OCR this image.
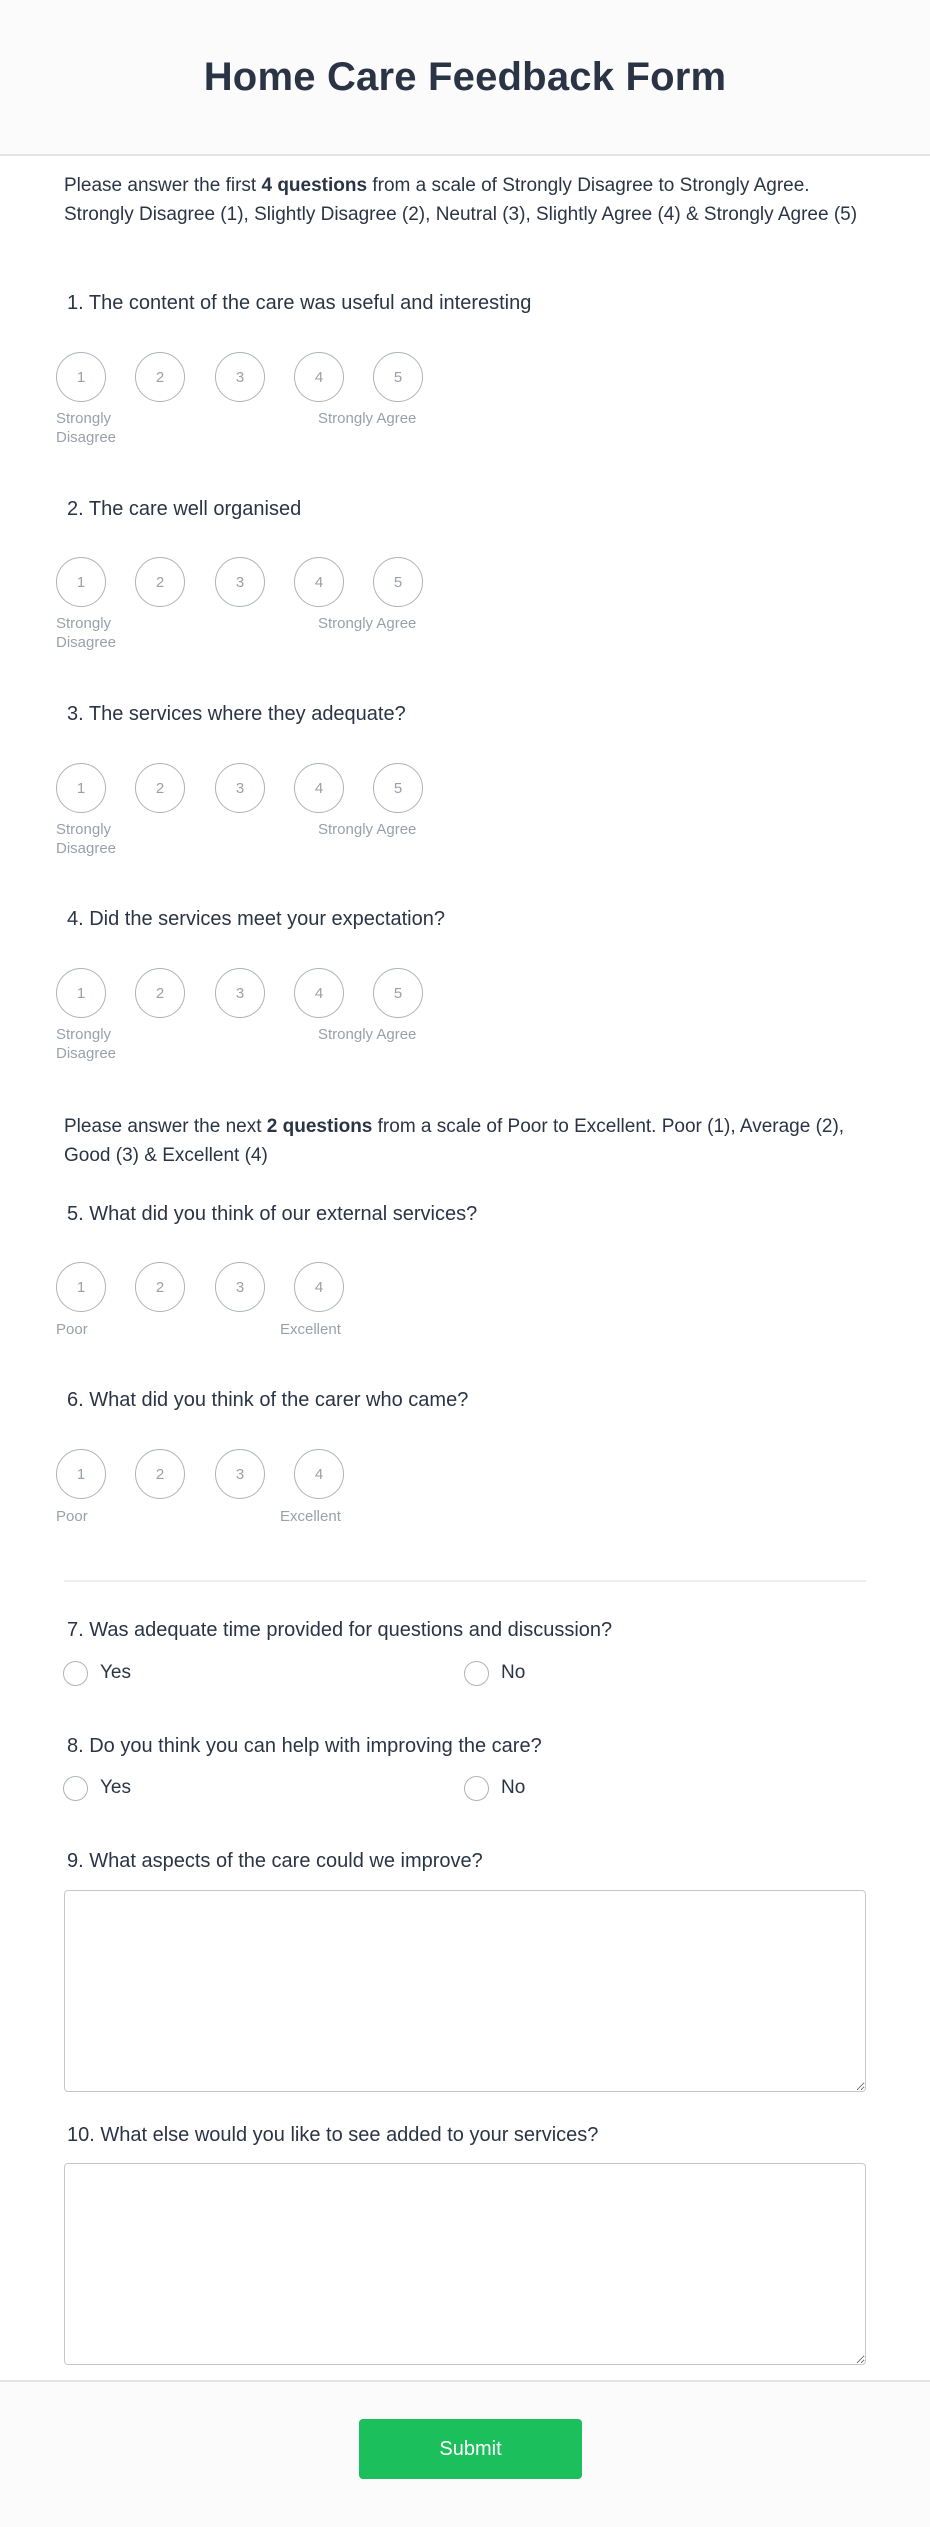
Home Care Feedback Form

Please answer the first 4 questions from a scale of Strongly Disagree to Strongly Agree. Strongly Disagree (1), Slightly Disagree (2), Neutral (3), Slightly Agree (4) & Strongly Agree (5)

1. The content of the care was useful and interesting
1	2	3	4	5
Strongly Disagree
Strongly Agree
2. The care well organised
1	2	3	4	5
Strongly Disagree
Strongly Agree
3. The services where they adequate?
1	2	3	4	5
Strongly Disagree
Strongly Agree
4. Did the services meet your expectation?
1	2	3	4	5
Strongly Disagree
Strongly Agree

Please answer the next 2 questions from a scale of Poor to Excellent. Poor (1), Average (2), Good (3) & Excellent (4)

5. What did you think of our external services?
1	2	3	4
Poor	Excellent
6. What did you think of the carer who came?
1	2	3	4
Poor	Excellent
7. Was adequate time provided for questions and discussion?
Yes	No
8. Do you think you can help with improving the care?
Yes	No
9. What aspects of the care could we improve?
10. What else would you like to see added to your services?
Submit
